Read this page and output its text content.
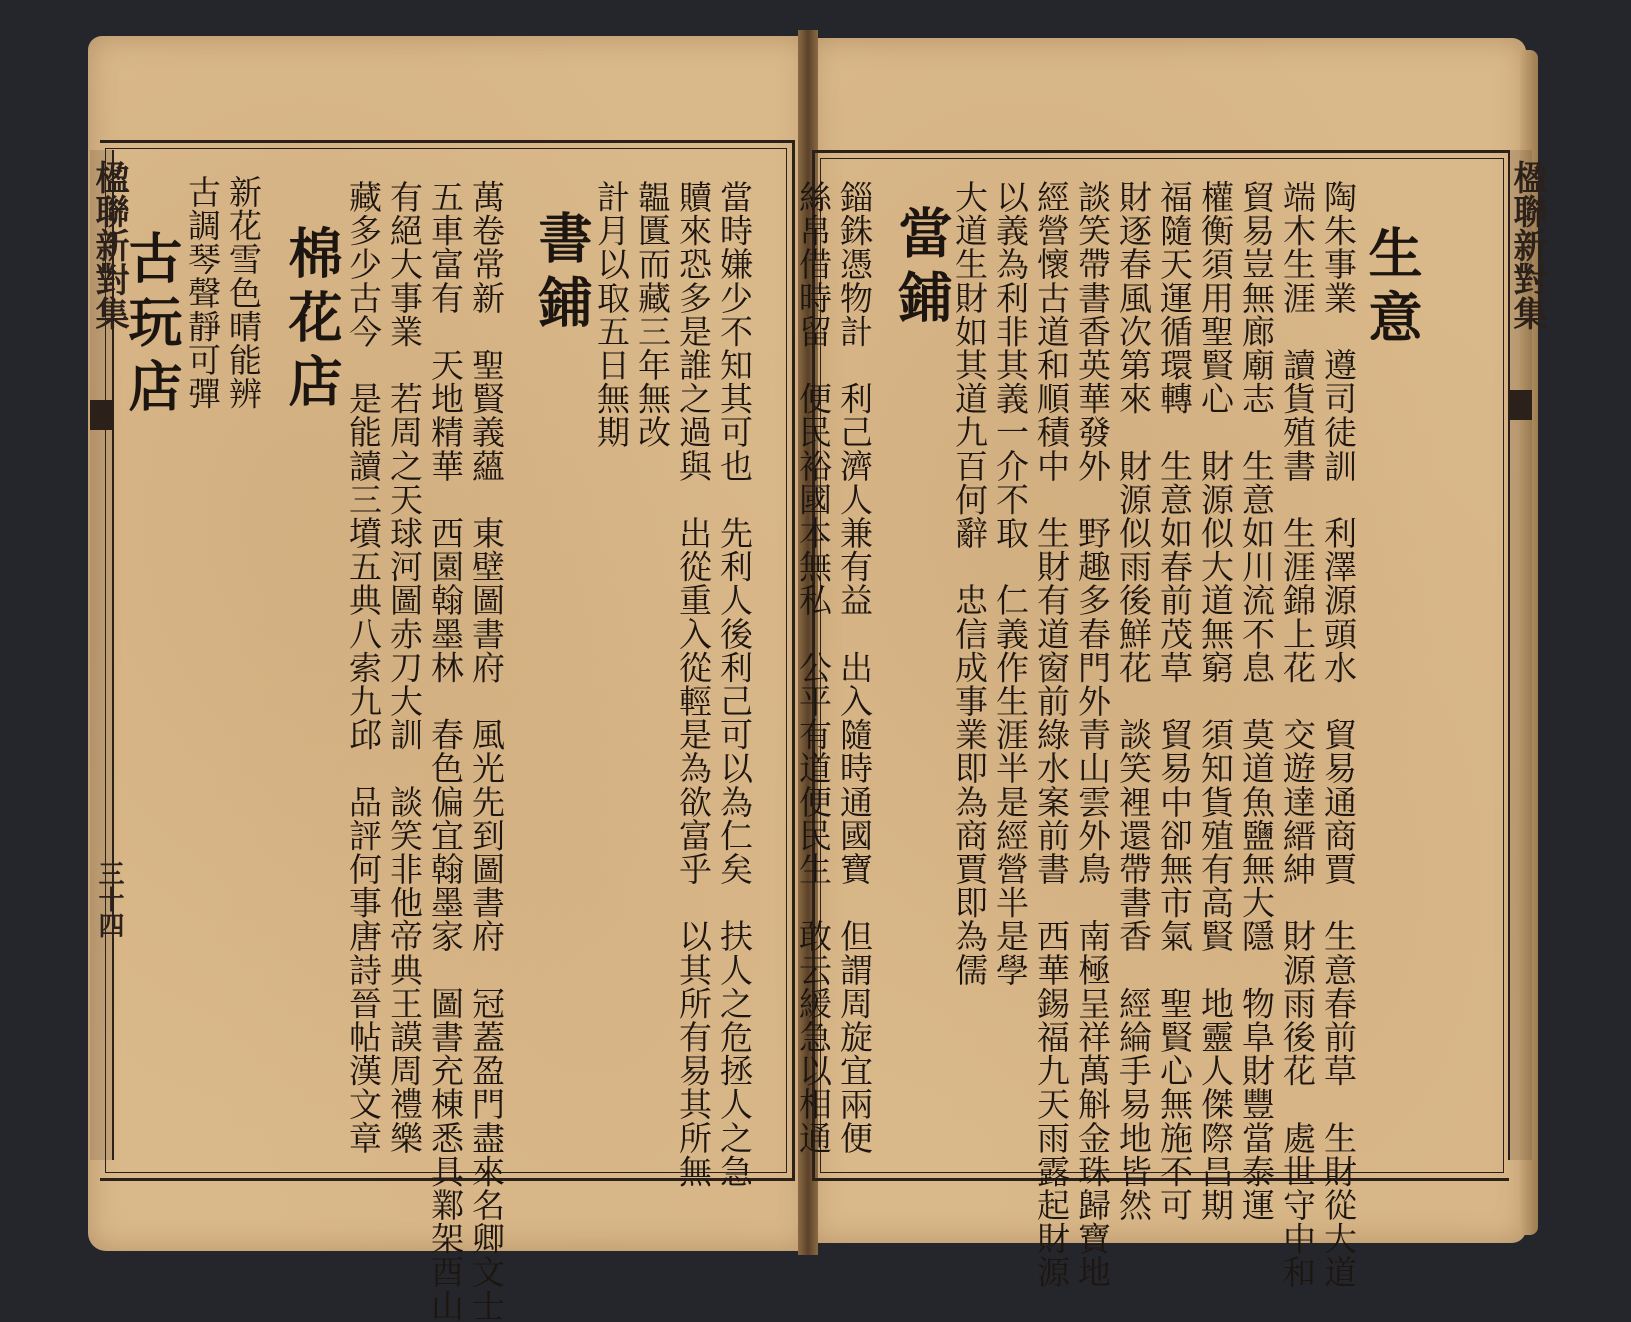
楹聯新對集
三十四
楹聯新對集
當時嫌少不知其可也　先利人後利己可以為仁矣　扶人之危拯人之急
贖來恐多是誰之過與　出從重入從輕是為欲富乎　以其所有易其所無
韞匱而藏三年無改
計月以取五日無期
書鋪
萬卷常新　聖賢義蘊　東壁圖書府　風光先到圖書府　冠蓋盈門盡來名卿文士
五車富有　天地精華　西園翰墨林　春色偏宜翰墨家　圖書充棟悉具鄴架酉山
有絕大事業　若周之天球河圖赤刀大訓　談笑非他帝典王謨周禮樂
藏多少古今　是能讀三墳五典八索九邱　品評何事唐詩晉帖漢文章
棉花店
新花雪色晴能辨
古調琴聲靜可彈
古玩店	生意
陶朱事業　遵司徒訓　利澤源頭水　貿易通商賈　生意春前草　生財從大道
端木生涯　讀貨殖書　生涯錦上花　交遊達縉紳　財源雨後花　處世守中和
貿易豈無廊廟志　生意如川流不息　莫道魚鹽無大隱　物阜財豐當泰運
權衡須用聖賢心　財源似大道無窮　須知貨殖有高賢　地靈人傑際昌期
福隨天運循環轉　生意如春前茂草　貿易中卻無市氣　聖賢心無施不可
財逐春風次第來　財源似雨後鮮花　談笑裡還帶書香　經綸手易地皆然
談笑帶書香英華發外　野趣多春門外青山雲外鳥　南極呈祥萬斛金珠歸寶地
經營懷古道和順積中　生財有道窗前綠水案前書　西華錫福九天雨露起財源
以義為利非其義一介不取　仁義作生涯半是經營半是學
大道生財如其道九百何辭　忠信成事業即為商賈即為儒
當鋪
錙銖憑物計　利己濟人兼有益　出入隨時通國寶　但謂周旋宜兩便
絲帛借時留　便民裕國本無私　公平有道便民生　敢云緩急以相通
